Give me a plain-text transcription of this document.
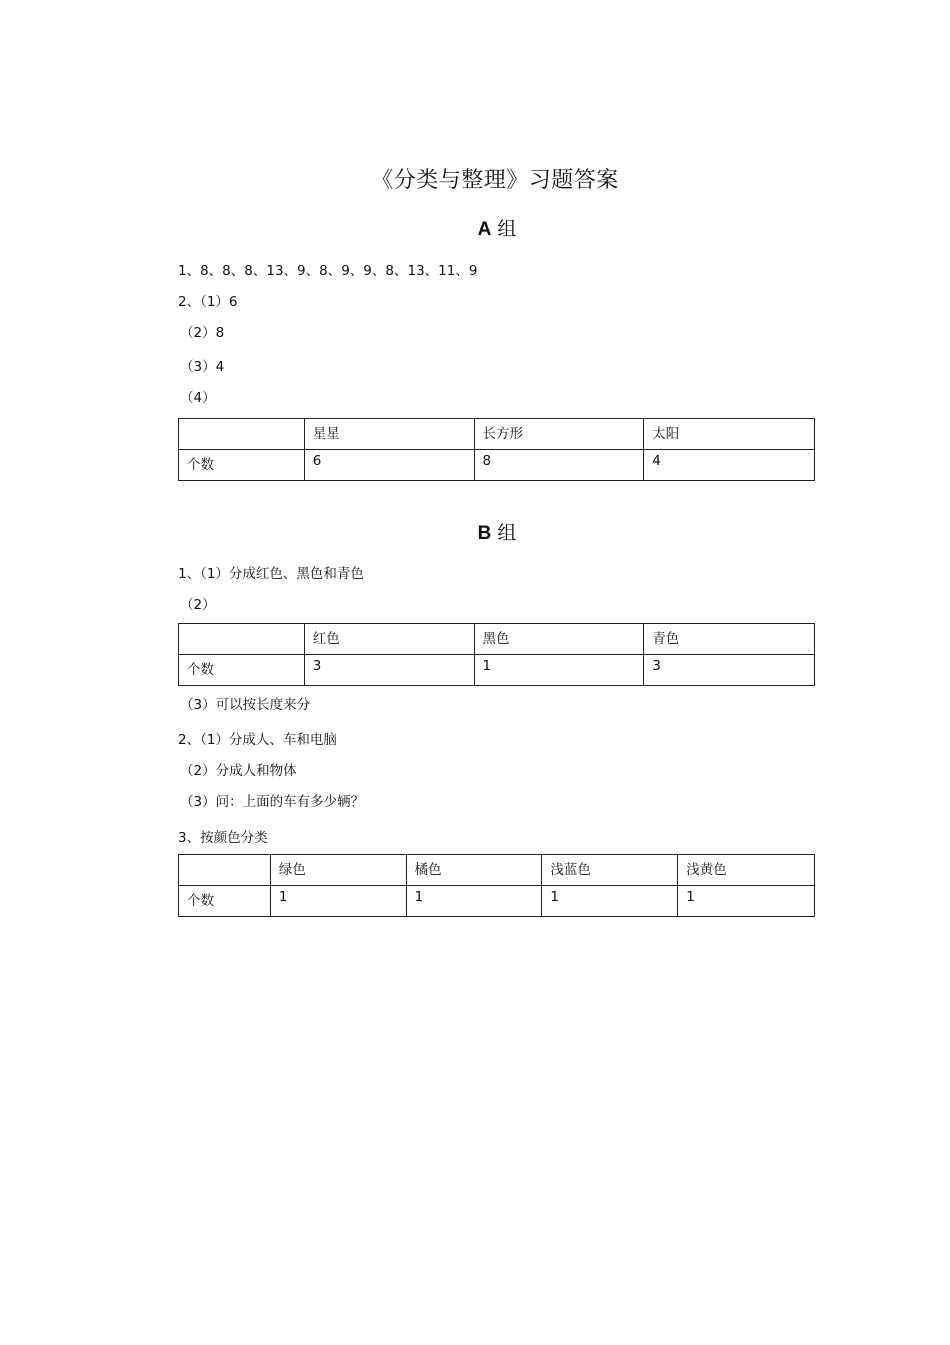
《分类与整理》习题答案
A 组
1、8、8、8、13、9、8、9、9、8、13、11、9
2、（1）6
（2）8
（3）4
（4）
	星星	长方形	太阳
个数	6	8	4
B 组
1、（1）分成红色、黑色和青色
（2）
	红色	黑色	青色
个数	3	1	3
（3）可以按长度来分
2、（1）分成人、车和电脑
（2）分成人和物体
（3）问：上面的车有多少辆？
3、按颜色分类
	绿色	橘色	浅蓝色	浅黄色
个数	1	1	1	1
